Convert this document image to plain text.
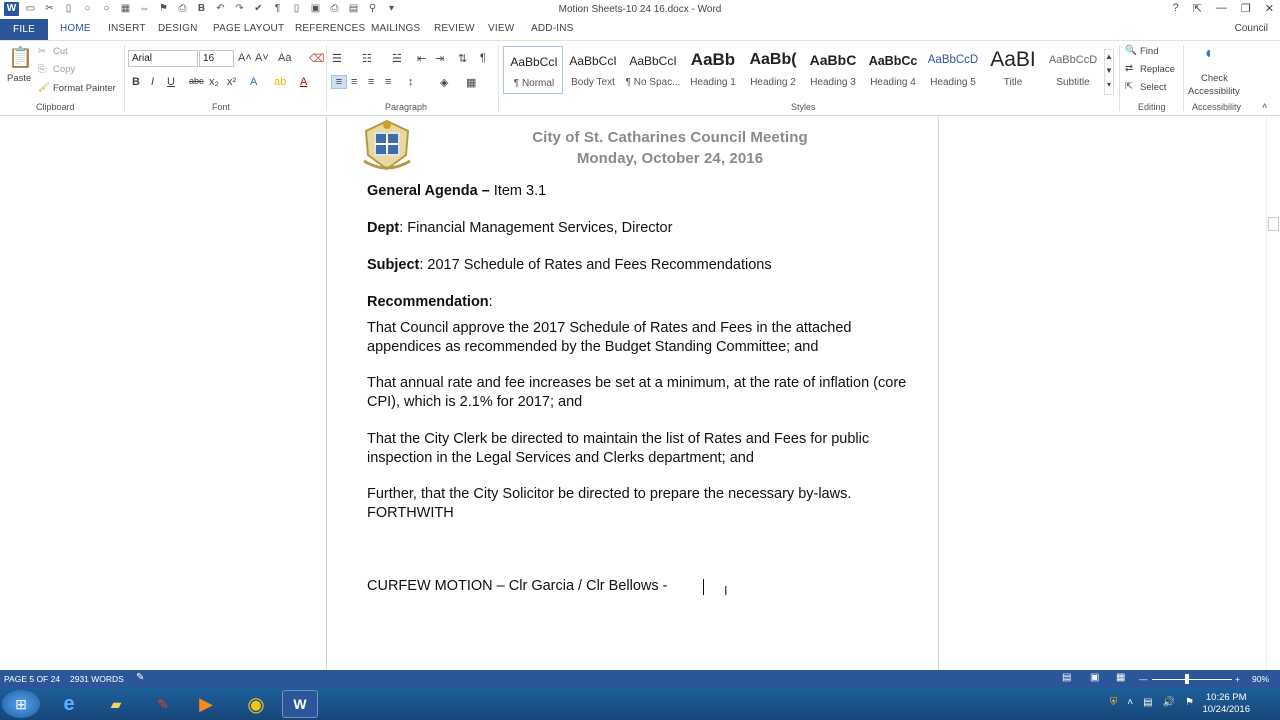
W ▭	✂	▯	○	○	▦ ⇔ ⚑	⎙	B	↶	↷	✔	¶	▯	▣	⎙	▤	⚲	▾	Motion Sheets-10 24 16.docx - Word	? ⇱ — ❐ ✕
FILE	HOME INSERT DESIGN PAGE LAYOUT REFERENCES MAILINGS REVIEW VIEW ADD-INS	Council
📋
Paste
✂ Cut
⎘ Copy
🖌 Format Painter
Clipboard
Arial	16	A˄ A˅ Aa ⌫
B I U abc x₂ x² A ab A
Font
☰ ☷ ☱ ⇤ ⇥ ⇅ ¶
≡ ≡ ≡ ≡ ↕ ◈ ▦
Paragraph
AaBbCcI
¶ Normal
AaBbCcI
Body Text
AaBbCcI
¶ No Spac...
AaBb
Heading 1
AaBb(
Heading 2
AaBbC
Heading 3
AaBbCc
Heading 4
AaBbCcD
Heading 5
AaBI
Title
AaBbCcD
Subtitle
▲
▼
▾
Styles
🔍 Find
⇄ Replace
⇱ Select
Editing
◐
Check
Accessibility
Accessibility ˄
City of St. Catharines Council Meeting
Monday, October 24, 2016
General Agenda – Item 3.1
Dept: Financial Management Services, Director
Subject: 2017 Schedule of Rates and Fees Recommendations
Recommendation:
That Council approve the 2017 Schedule of Rates and Fees in the attached appendices as recommended by the Budget Standing Committee; and
That annual rate and fee increases be set at a minimum, at the rate of inflation (core CPI), which is 2.1% for 2017; and
That the City Clerk be directed to maintain the list of Rates and Fees for public inspection in the Legal Services and Clerks department; and
Further, that the City Solicitor be directed to prepare the necessary by-laws.
FORTHWITH
CURFEW MOTION – Clr Garcia / Clr Bellows -	I
PAGE 5 OF 24 2931 WORDS ✎	▤ ▣ ▦ —	+ 90%
⊞	e	▰	✎	▶	◉	W	⛨ ˄ ▤ 🔊 ⚑	10:26 PM
10/24/2016
